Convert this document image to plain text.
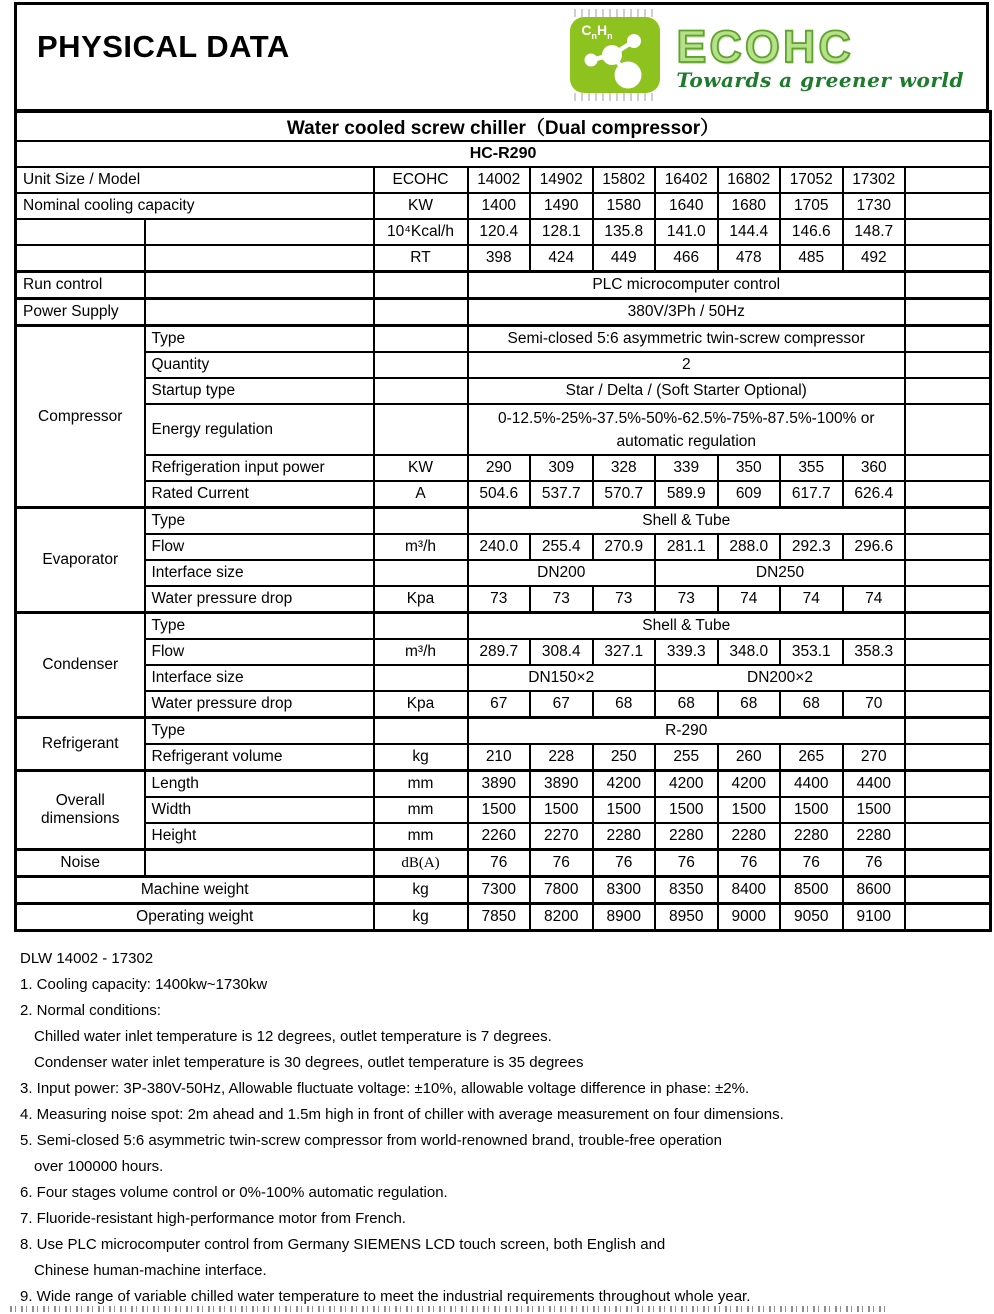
PHYSICAL DATA	$C_nH_n$ ECOHC
Towards a greener world
Water cooled screw chiller（Dual compressor）										
HC-R290										
Unit Size / Model		ECOHC	14002	14902	15802	16402	16802	17052	17302	
Nominal cooling capacity		KW	1400	1490	1580	1640	1680	1705	1730	
		10⁴Kcal/h	120.4	128.1	135.8	141.0	144.4	146.6	148.7	
		RT	398	424	449	466	478	485	492	
Run control			PLC microcomputer control							
Power Supply			380V/3Ph / 50Hz							
Compressor	Type		Semi-closed 5:6 asymmetric twin-screw compressor							
	Quantity		2							
	Startup type		Star / Delta / (Soft Starter Optional)							
	Energy regulation		0-12.5%-25%-37.5%-50%-62.5%-75%-87.5%-100% or automatic regulation							
	Refrigeration input power	KW	290	309	328	339	350	355	360	
	Rated Current	A	504.6	537.7	570.7	589.9	609	617.7	626.4	
Evaporator	Type		Shell & Tube							
	Flow	m³/h	240.0	255.4	270.9	281.1	288.0	292.3	296.6	
	Interface size		DN200			DN250				
	Water pressure drop	Kpa	73	73	73	73	74	74	74	
Condenser	Type		Shell & Tube							
	Flow	m³/h	289.7	308.4	327.1	339.3	348.0	353.1	358.3	
	Interface size		DN150×2			DN200×2				
	Water pressure drop	Kpa	67	67	68	68	68	68	70	
Refrigerant	Type		R-290							
	Refrigerant volume	kg	210	228	250	255	260	265	270	
Overall dimensions	Length	mm	3890	3890	4200	4200	4200	4400	4400	
	Width	mm	1500	1500	1500	1500	1500	1500	1500	
	Height	mm	2260	2270	2280	2280	2280	2280	2280	
Noise		dB(A)	76	76	76	76	76	76	76	
Machine weight		kg	7300	7800	8300	8350	8400	8500	8600	
Operating weight		kg	7850	8200	8900	8950	9000	9050	9100	
DLW 14002 - 17302
1. Cooling capacity: 1400kw~1730kw
2. Normal conditions:
Chilled water inlet temperature is 12 degrees, outlet temperature is 7 degrees.
Condenser water inlet temperature is 30 degrees, outlet temperature is 35 degrees
3. Input power: 3P-380V-50Hz, Allowable fluctuate voltage: ±10%, allowable voltage difference in phase: ±2%.
4. Measuring noise spot: 2m ahead and 1.5m high in front of chiller with average measurement on four dimensions.
5. Semi-closed 5:6 asymmetric twin-screw compressor from world-renowned brand, trouble-free operation
over 100000 hours.
6. Four stages volume control or 0%-100% automatic regulation.
7. Fluoride-resistant high-performance motor from French.
8. Use PLC microcomputer control from Germany SIEMENS LCD touch screen, both English and
Chinese human-machine interface.
9. Wide range of variable chilled water temperature to meet the industrial requirements throughout whole year.
